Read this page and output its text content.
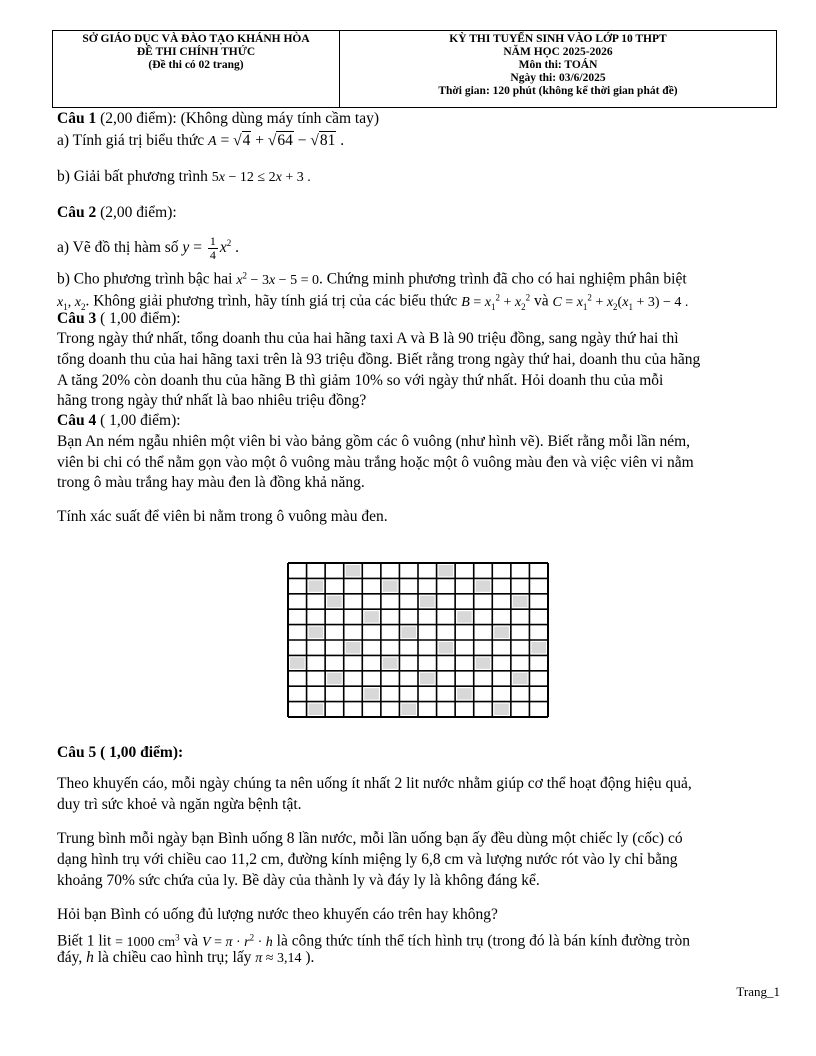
SỞ GIÁO DỤC VÀ ĐÀO TẠO KHÁNH HÒA
ĐỀ THI CHÍNH THỨC
(Đề thi có 02 trang)
KỲ THI TUYỂN SINH VÀO LỚP 10 THPT
NĂM HỌC 2025-2026
Môn thi: TOÁN
Ngày thi: 03/6/2025
Thời gian: 120 phút (không kể thời gian phát đề)
Câu 1 (2,00 điểm): (Không dùng máy tính cầm tay)
a) Tính giá trị biểu thức A = √4 + √64 − √81 .
b) Giải bất phương trình 5x − 12 ≤ 2x + 3 .
Câu 2 (2,00 điểm):
a) Vẽ đồ thị hàm số $y = \frac{1}{4} x^2$ .
b) Cho phương trình bậc hai $x^2 - 3x - 5 = 0$. Chứng minh phương trình đã cho có hai nghiệm phân biệt
$x_1$, $x_2$. Không giải phương trình, hãy tính giá trị của các biểu thức $B = x_1^2 + x_2^2$ và $C = x_1^2 + x_2(x_1 + 3) - 4$ .
Câu 3 ( 1,00 điểm):
Trong ngày thứ nhất, tổng doanh thu của hai hãng taxi A và B là 90 triệu đồng, sang ngày thứ hai thì
tổng doanh thu của hai hãng taxi trên là 93 triệu đồng. Biết rằng trong ngày thứ hai, doanh thu của hãng
A tăng 20% còn doanh thu của hãng B thì giảm 10% so với ngày thứ nhất. Hỏi doanh thu của mỗi
hãng trong ngày thứ nhất là bao nhiêu triệu đồng?
Câu 4 ( 1,00 điểm):
Bạn An ném ngẫu nhiên một viên bi vào bảng gồm các ô vuông (như hình vẽ). Biết rằng mỗi lần ném,
viên bi chi có thể nằm gọn vào một ô vuông màu trắng hoặc một ô vuông màu đen và việc viên vi nằm
trong ô màu trắng hay màu đen là đồng khả năng.
Tính xác suất để viên bi nằm trong ô vuông màu đen.
Câu 5 ( 1,00 điểm):
Theo khuyến cáo, mỗi ngày chúng ta nên uống ít nhất 2 lit nước nhằm giúp cơ thể hoạt động hiệu quả,
duy trì sức khoẻ và ngăn ngừa bệnh tật.
Trung bình mỗi ngày bạn Bình uống 8 lần nước, mỗi lần uống bạn ấy đều dùng một chiếc ly (cốc) có
dạng hình trụ với chiều cao 11,2 cm, đường kính miệng ly 6,8 cm và lượng nước rót vào ly chỉ bằng
khoảng 70% sức chứa của ly. Bề dày của thành ly và đáy ly là không đáng kể.
Hỏi bạn Bình có uống đủ lượng nước theo khuyến cáo trên hay không?
Biết 1 lit = 1000 $cm^3$ và $V = \pi \cdot r^2 \cdot h$ là công thức tính thể tích hình trụ (trong đó là bán kính đường tròn
đáy, h là chiều cao hình trụ; lấy π ≈ 3,14 ).
Trang_1
